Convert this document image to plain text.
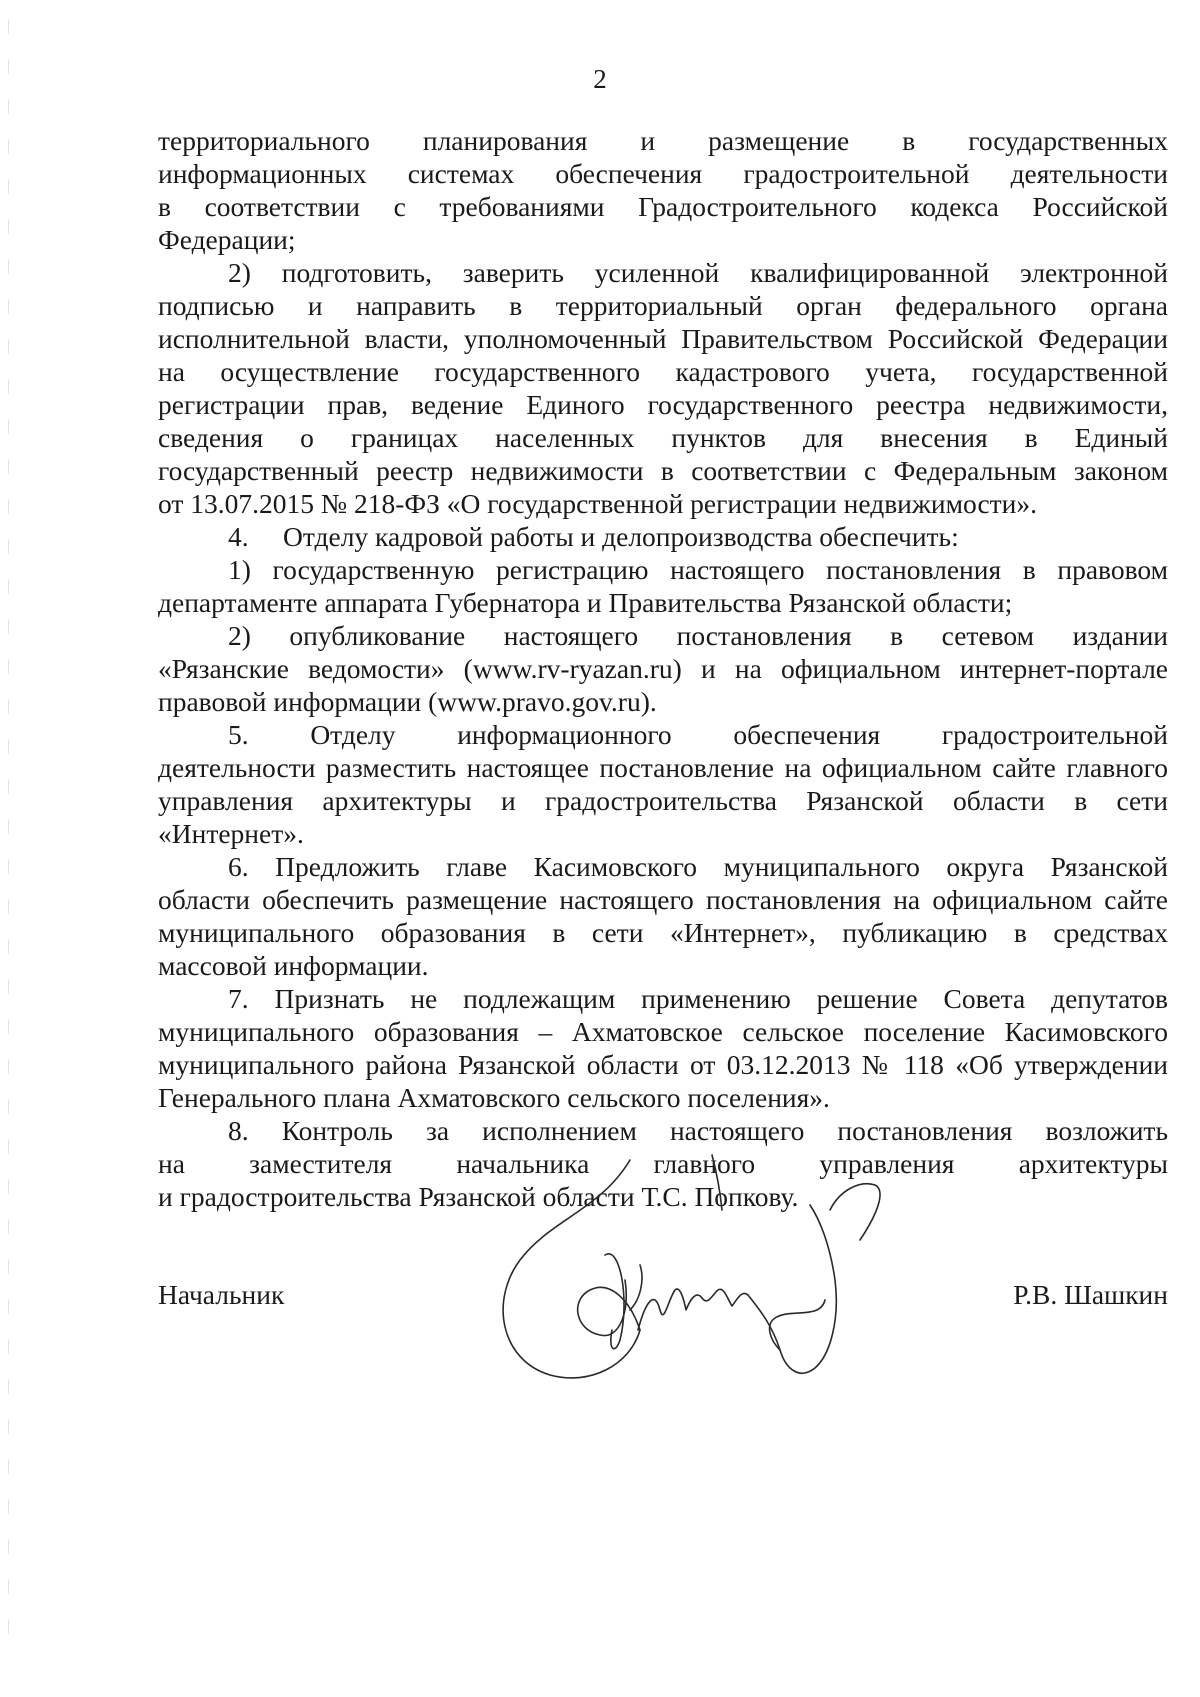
2
территориального планирования и размещение в государственных
информационных системах обеспечения градостроительной деятельности
в соответствии с требованиями Градостроительного кодекса Российской
Федерации;
2) подготовить, заверить усиленной квалифицированной электронной
подписью и направить в территориальный орган федерального органа
исполнительной власти, уполномоченный Правительством Российской Федерации
на осуществление государственного кадастрового учета, государственной
регистрации прав, ведение Единого государственного реестра недвижимости,
сведения о границах населенных пунктов для внесения в Единый
государственный реестр недвижимости в соответствии с Федеральным законом
от 13.07.2015 № 218-ФЗ «О государственной регистрации недвижимости».
4.     Отделу кадровой работы и делопроизводства обеспечить:
1) государственную регистрацию настоящего постановления в правовом
департаменте аппарата Губернатора и Правительства Рязанской области;
2) опубликование настоящего постановления в сетевом издании
«Рязанские ведомости» (www.rv-ryazan.ru) и на официальном интернет-портале
правовой информации (www.pravo.gov.ru).
5. Отделу информационного обеспечения градостроительной
деятельности разместить настоящее постановление на официальном сайте главного
управления архитектуры и градостроительства Рязанской области в сети
«Интернет».
6. Предложить главе Касимовского муниципального округа Рязанской
области обеспечить размещение настоящего постановления на официальном сайте
муниципального образования в сети «Интернет», публикацию в средствах
массовой информации.
7. Признать не подлежащим применению решение Совета депутатов
муниципального образования – Ахматовское сельское поселение Касимовского
муниципального района Рязанской области от 03.12.2013 № 118 «Об утверждении
Генерального плана Ахматовского сельского поселения».
8. Контроль за исполнением настоящего постановления возложить
на заместителя начальника главного управления архитектуры
и градостроительства Рязанской области Т.С. Попкову.
Начальник	Р.В. Шашкин
